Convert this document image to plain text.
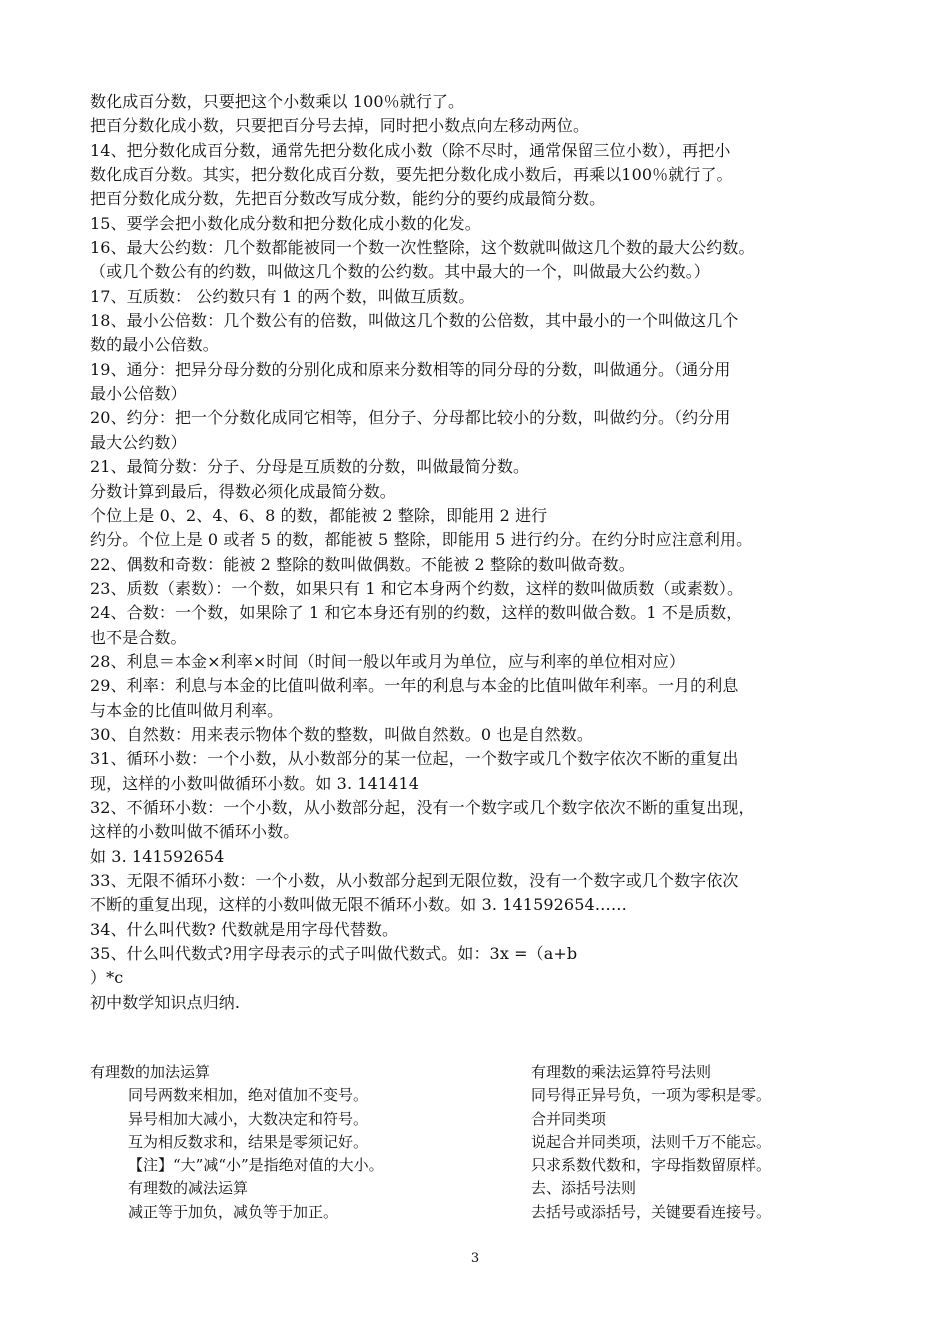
数化成百分数，只要把这个小数乘以 100％就行了。
把百分数化成小数，只要把百分号去掉，同时把小数点向左移动两位。
14、把分数化成百分数，通常先把分数化成小数（除不尽时，通常保留三位小数），再把小
数化成百分数。其实，把分数化成百分数，要先把分数化成小数后，再乘以100％就行了。
把百分数化成分数，先把百分数改写成分数，能约分的要约成最简分数。
15、要学会把小数化成分数和把分数化成小数的化发。
16、最大公约数：几个数都能被同一个数一次性整除，这个数就叫做这几个数的最大公约数。
（或几个数公有的约数，叫做这几个数的公约数。其中最大的一个，叫做最大公约数。）
17、互质数： 公约数只有 1 的两个数，叫做互质数。
18、最小公倍数：几个数公有的倍数，叫做这几个数的公倍数，其中最小的一个叫做这几个
数的最小公倍数。
19、通分：把异分母分数的分别化成和原来分数相等的同分母的分数，叫做通分。（通分用
最小公倍数）
20、约分：把一个分数化成同它相等，但分子、分母都比较小的分数，叫做约分。（约分用
最大公约数）
21、最简分数：分子、分母是互质数的分数，叫做最简分数。
分数计算到最后，得数必须化成最简分数。
个位上是 0、2、4、6、8 的数，都能被 2 整除，即能用 2 进行
约分。个位上是 0 或者 5 的数，都能被 5 整除，即能用 5 进行约分。在约分时应注意利用。
22、偶数和奇数：能被 2 整除的数叫做偶数。不能被 2 整除的数叫做奇数。
23、质数（素数）：一个数，如果只有 1 和它本身两个约数，这样的数叫做质数（或素数）。
24、合数：一个数，如果除了 1 和它本身还有别的约数，这样的数叫做合数。1 不是质数，
也不是合数。
28、利息＝本金×利率×时间（时间一般以年或月为单位，应与利率的单位相对应）
29、利率：利息与本金的比值叫做利率。一年的利息与本金的比值叫做年利率。一月的利息
与本金的比值叫做月利率。
30、自然数：用来表示物体个数的整数，叫做自然数。0 也是自然数。
31、循环小数：一个小数，从小数部分的某一位起，一个数字或几个数字依次不断的重复出
现，这样的小数叫做循环小数。如 3. 141414
32、不循环小数：一个小数，从小数部分起，没有一个数字或几个数字依次不断的重复出现，
这样的小数叫做不循环小数。
如 3. 141592654
33、无限不循环小数：一个小数，从小数部分起到无限位数，没有一个数字或几个数字依次
不断的重复出现，这样的小数叫做无限不循环小数。如 3. 141592654……
34、什么叫代数? 代数就是用字母代替数。
35、什么叫代数式?用字母表示的式子叫做代数式。如：3x =（a+b
）*c
初中数学知识点归纳.
有理数的加法运算
同号两数来相加，绝对值加不变号。
异号相加大减小，大数决定和符号。
互为相反数求和，结果是零须记好。
【注】“大”减“小”是指绝对值的大小。
有理数的减法运算
减正等于加负，减负等于加正。
有理数的乘法运算符号法则
同号得正异号负，一项为零积是零。
合并同类项
说起合并同类项，法则千万不能忘。
只求系数代数和，字母指数留原样。
去、添括号法则
去括号或添括号，关键要看连接号。
3
